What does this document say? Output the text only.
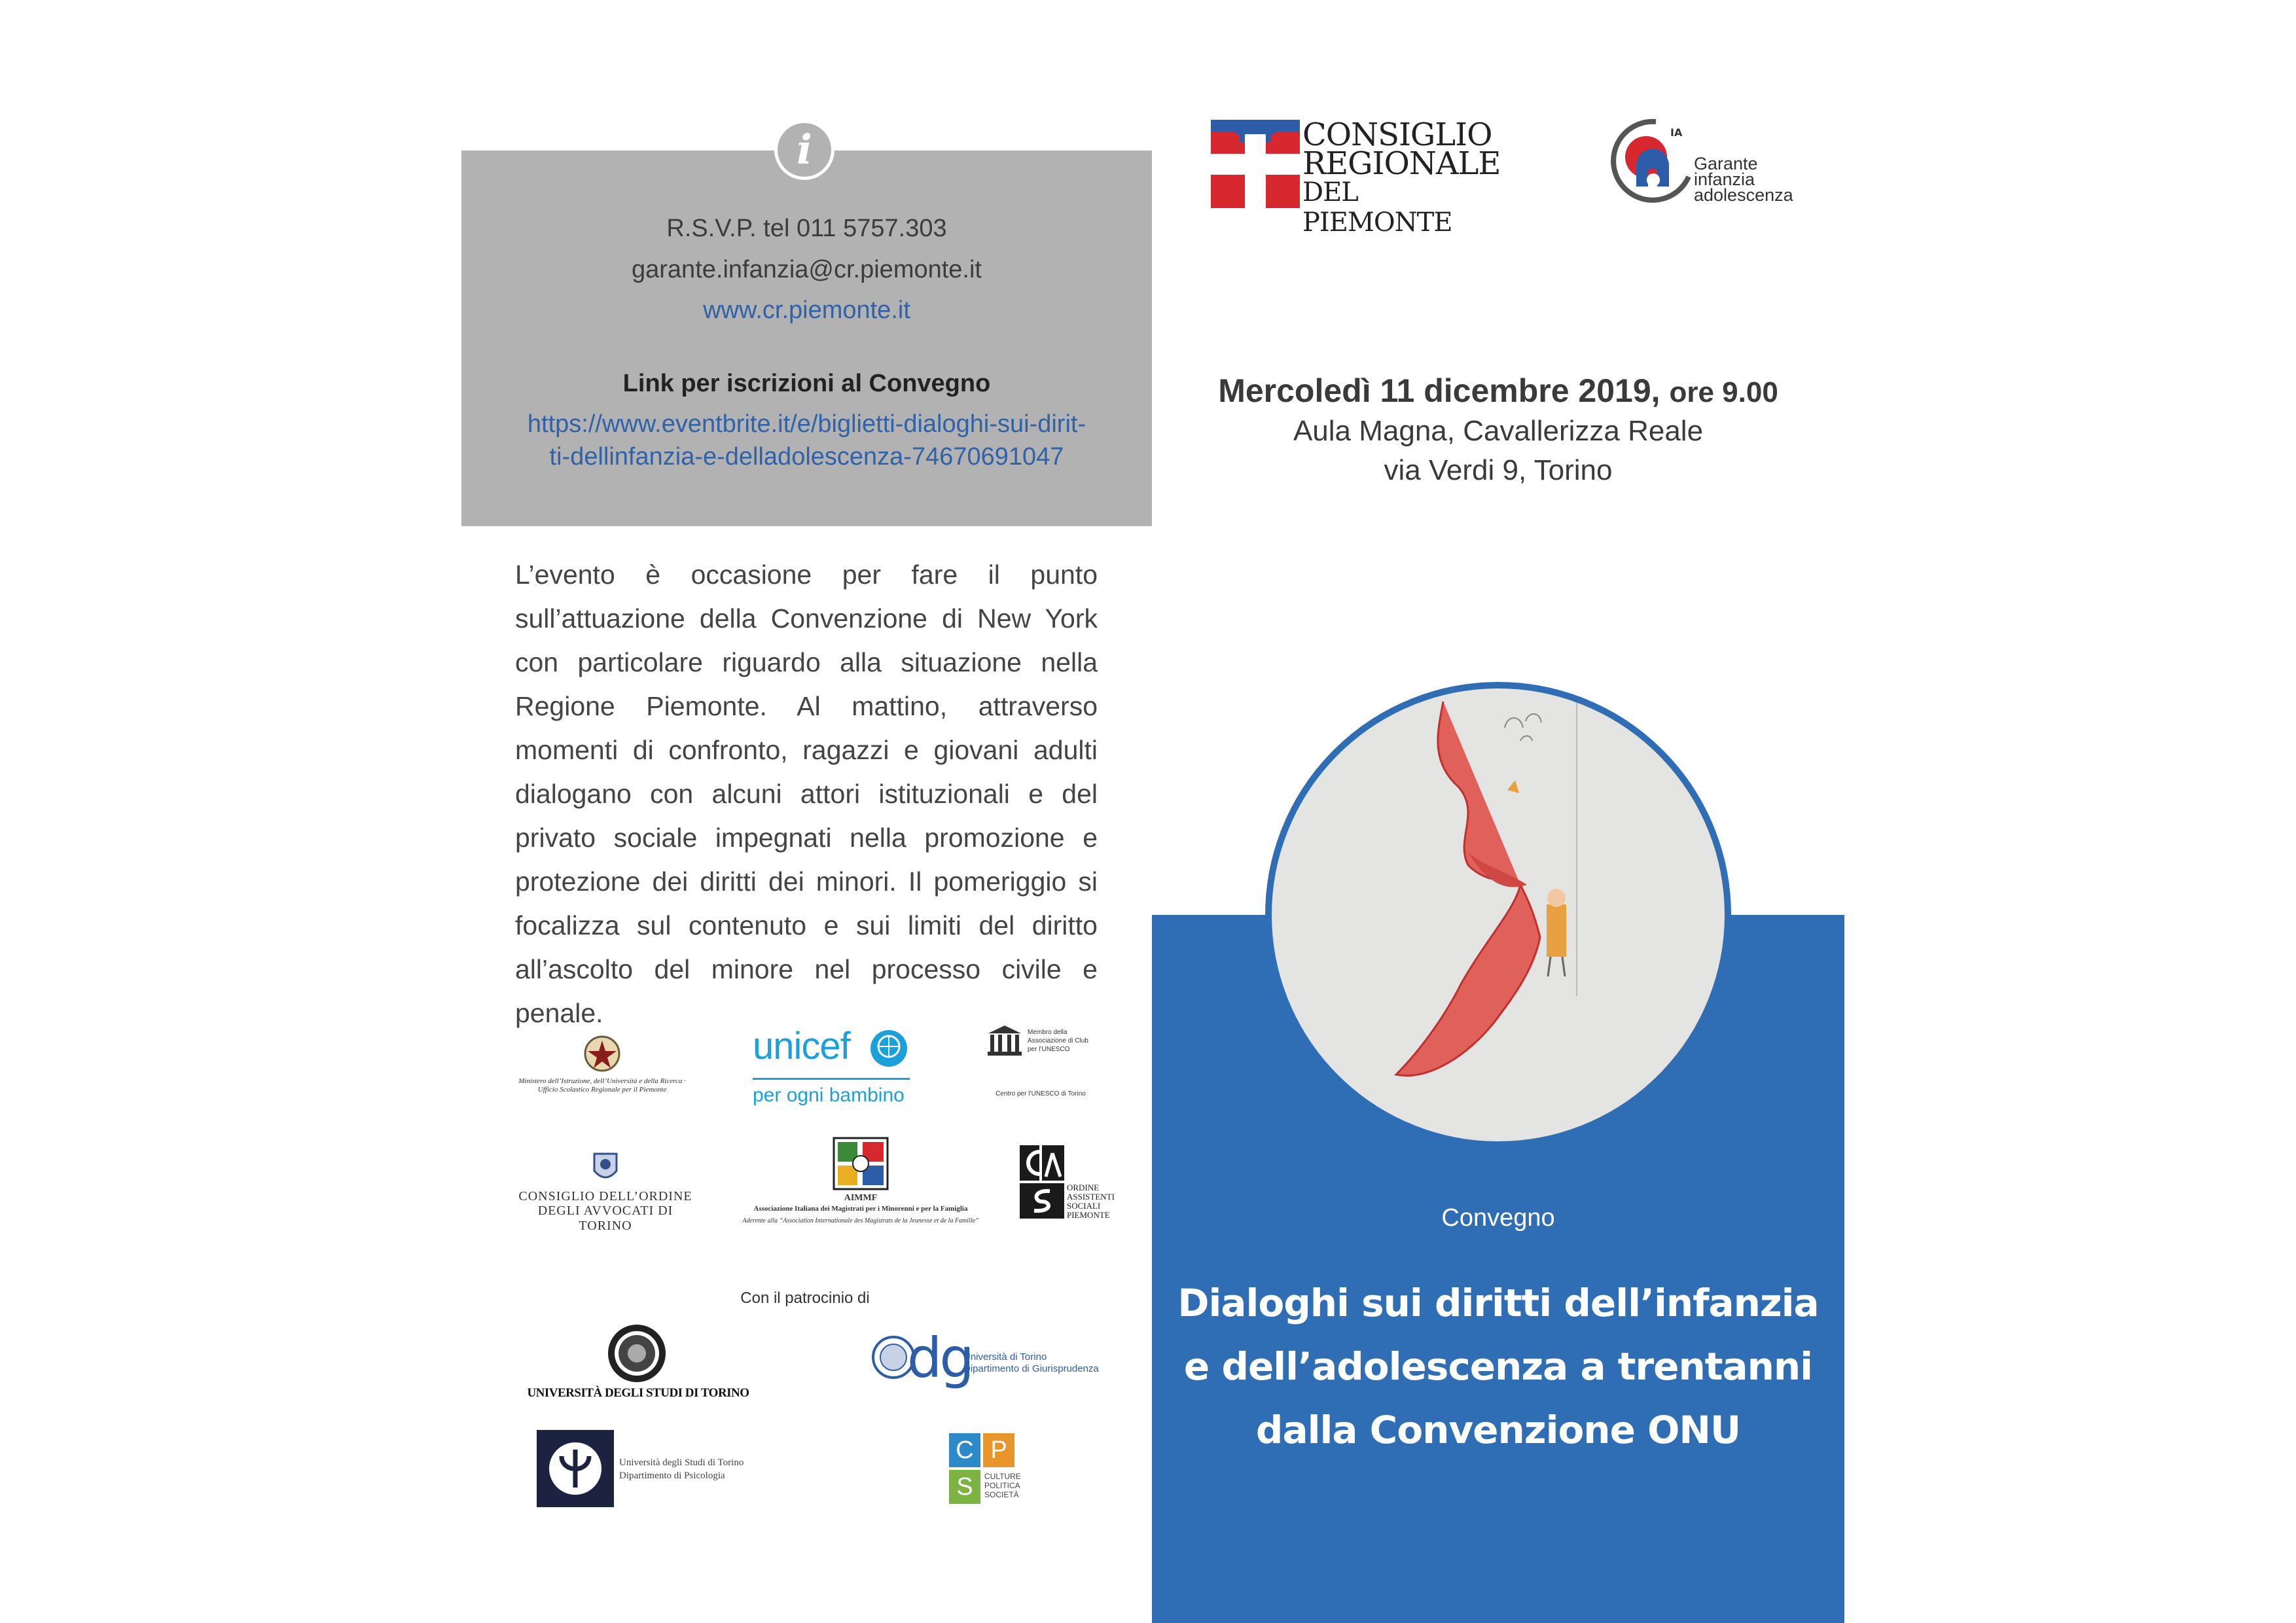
CONSIGLIO
REGIONALE
DEL PIEMONTE
IA
Garante
infanzia
adolescenza
i
R.S.V.P. tel 011 5757.303
garante.infanzia@cr.piemonte.it
www.cr.piemonte.it
Link per iscrizioni al Convegno
https://www.eventbrite.it/e/biglietti-dialoghi-sui-dirit-
ti-dellinfanzia-e-delladolescenza-74670691047
L’evento è occasione per fare il punto sull’attuazione della Convenzione di New York con particolare riguardo alla situazione nella Regione Piemonte. Al mattino, attraverso momenti di confronto, ragazzi e giovani adulti dialogano con alcuni attori istituzionali e del privato sociale impegnati nella promozione e protezione dei diritti dei minori. Il pomeriggio si focalizza sul contenuto e sui limiti del diritto all’ascolto del minore nel processo civile e penale.
Ministero dell’Istruzione, dell’Università e della Ricerca · Ufficio Scolastico Regionale per il Piemonte
unicef
per ogni bambino
Membro della Associazione di Club per l’UNESCO
Centro per l’UNESCO di Torino
CONSIGLIO DELL’ORDINE
DEGLI AVVOCATI DI TORINO
AIMMF
Associazione Italiana dei Magistrati per i Minorenni e per la Famiglia
Aderente alla “Association Internationale des Magistrats de la Jeunesse et de la Famille”
ORDINE
ASSISTENTI
SOCIALI
PIEMONTE
Con il patrocinio di
UNIVERSITÀ DEGLI STUDI DI TORINO
dg
Università di Torino
Dipartimento di Giurisprudenza
Università degli Studi di Torino
Dipartimento di Psicologia
C P
S	CULTURE
POLITICA
SOCIETÀ
Mercoledì 11 dicembre 2019, ore 9.00
Aula Magna, Cavallerizza Reale
via Verdi 9, Torino
Convegno
Dialoghi sui diritti dell’infanzia
e dell’adolescenza a trentanni
dalla Convenzione ONU
